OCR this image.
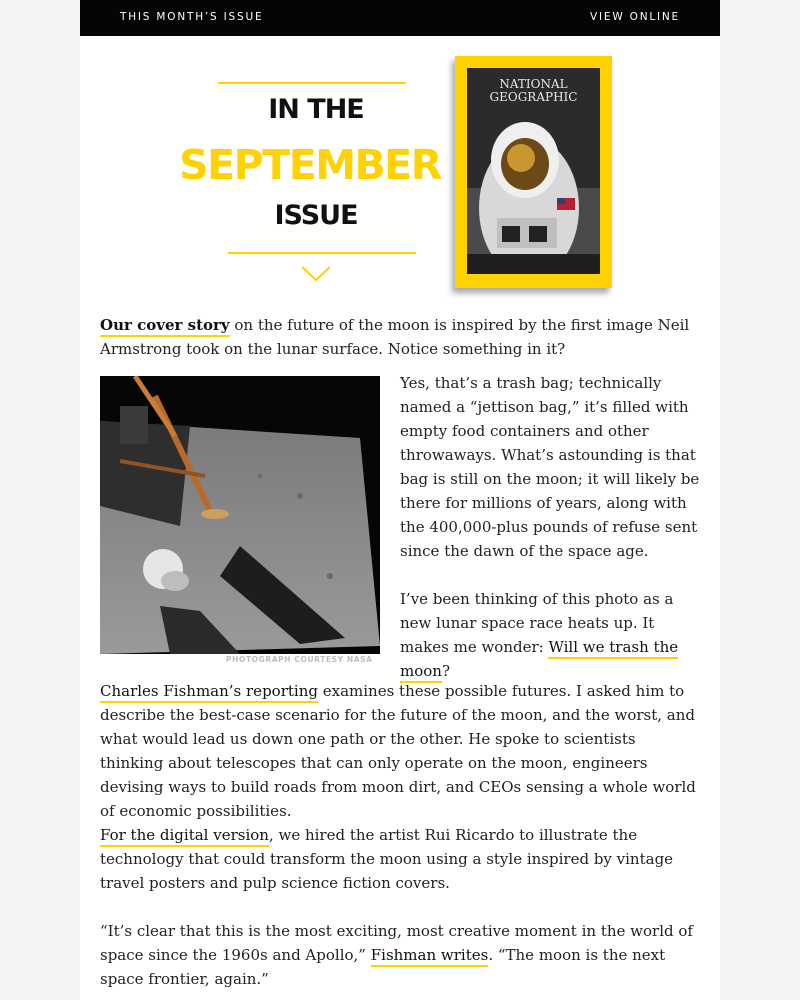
THIS MONTH’S ISSUE	VIEW ONLINE
IN THE
SEPTEMBER
ISSUE
NATIONAL GEOGRAPHIC

Our cover story on the future of the moon is inspired by the first image Neil Armstrong took on the lunar surface. Notice something in it?

PHOTOGRAPH COURTESY NASA

Yes, that’s a trash bag; technically named a “jettison bag,” it’s filled with empty food containers and other throwaways. What’s astounding is that bag is still on the moon; it will likely be there for millions of years, along with the 400,000-plus pounds of refuse sent since the dawn of the space age.

I’ve been thinking of this photo as a new lunar space race heats up. It makes me wonder: Will we trash the moon?

Charles Fishman’s reporting examines these possible futures. I asked him to describe the best-case scenario for the future of the moon, and the worst, and what would lead us down one path or the other. He spoke to scientists thinking about telescopes that can only operate on the moon, engineers devising ways to build roads from moon dirt, and CEOs sensing a whole world of economic possibilities.

For the digital version, we hired the artist Rui Ricardo to illustrate the technology that could transform the moon using a style inspired by vintage travel posters and pulp science fiction covers.

“It’s clear that this is the most exciting, most creative moment in the world of space since the 1960s and Apollo,” Fishman writes. “The moon is the next space frontier, again.”
